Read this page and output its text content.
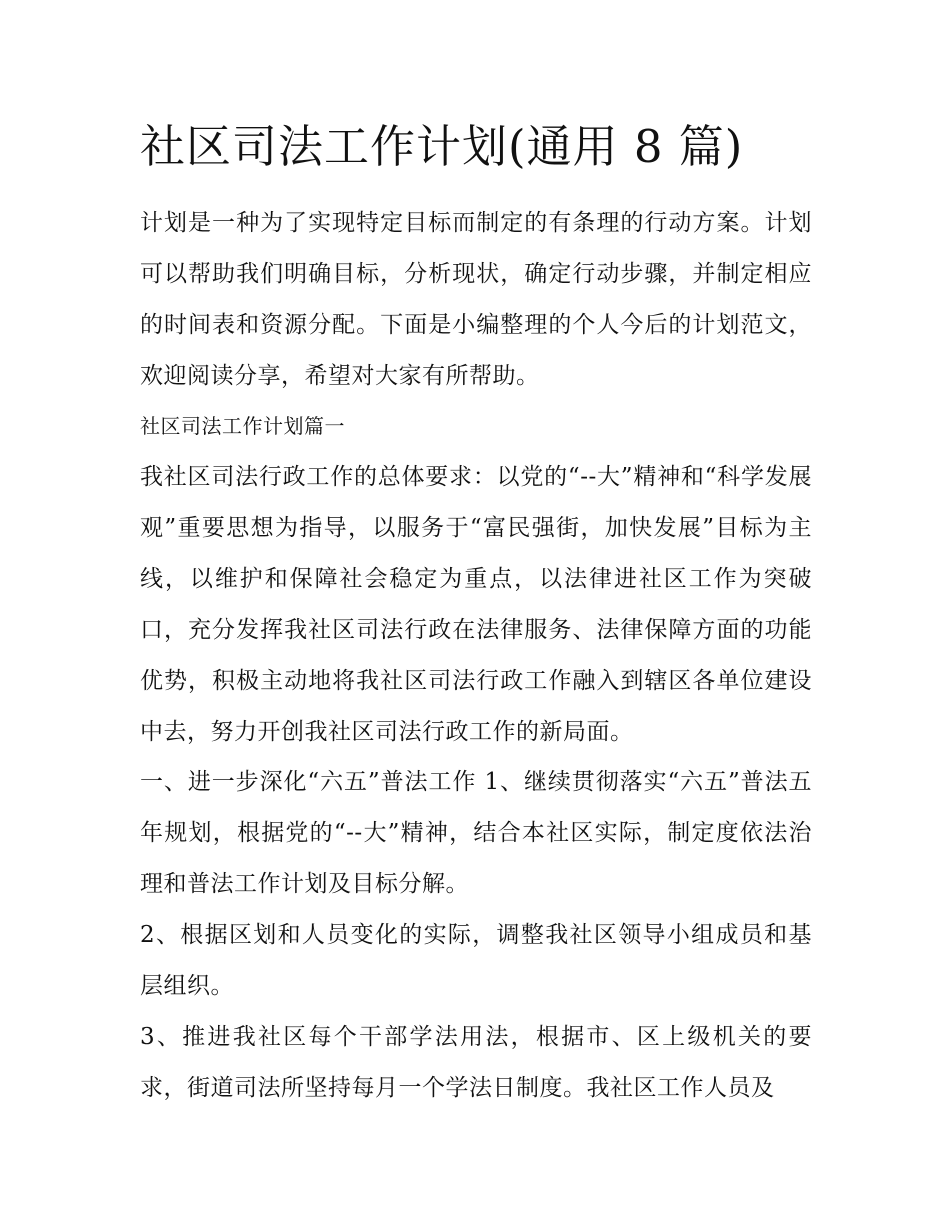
社区司法工作计划(通用 8 篇)

计划是一种为了实现特定目标而制定的有条理的行动方案。计划可以帮助我们明确目标，分析现状，确定行动步骤，并制定相应的时间表和资源分配。下面是小编整理的个人今后的计划范文，欢迎阅读分享，希望对大家有所帮助。

社区司法工作计划篇一

我社区司法行政工作的总体要求：以党的“--大”精神和“科学发展观”重要思想为指导，以服务于“富民强街，加快发展”目标为主线，以维护和保障社会稳定为重点，以法律进社区工作为突破口，充分发挥我社区司法行政在法律服务、法律保障方面的功能优势，积极主动地将我社区司法行政工作融入到辖区各单位建设中去，努力开创我社区司法行政工作的新局面。

一、进一步深化“六五”普法工作 1、继续贯彻落实“六五”普法五年规划，根据党的“--大”精神，结合本社区实际，制定度依法治理和普法工作计划及目标分解。

2、根据区划和人员变化的实际，调整我社区领导小组成员和基层组织。

3、推进我社区每个干部学法用法，根据市、区上级机关的要求，街道司法所坚持每月一个学法日制度。我社区工作人员及
